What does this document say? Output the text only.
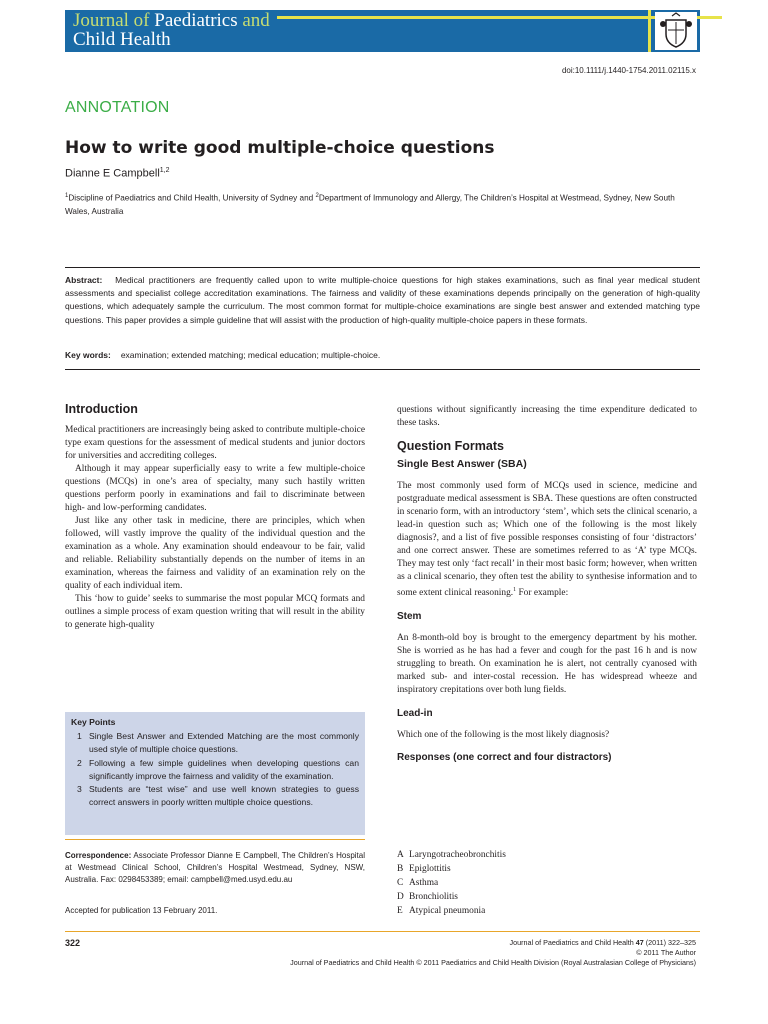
Journal of Paediatrics and
Child Health
doi:10.1111/j.1440-1754.2011.02115.x
ANNOTATION
How to write good multiple-choice questions
Dianne E Campbell$^{1,2}$
$^1$Discipline of Paediatrics and Child Health, University of Sydney and $^2$Department of Immunology and Allergy, The Children’s Hospital at Westmead, Sydney, New South Wales, Australia
Abstract: Medical practitioners are frequently called upon to write multiple-choice questions for high stakes examinations, such as final year medical student assessments and specialist college accreditation examinations. The fairness and validity of these examinations depends principally on the generation of high-quality questions, which adequately sample the curriculum. The most common format for multiple-choice examinations are single best answer and extended matching type questions. This paper provides a simple guideline that will assist with the production of high-quality multiple-choice papers in these formats.
Key words: examination; extended matching; medical education; multiple-choice.
Introduction

Medical practitioners are increasingly being asked to contribute multiple-choice type exam questions for the assessment of medical students and junior doctors for universities and accrediting colleges.

Although it may appear superficially easy to write a few multiple-choice questions (MCQs) in one’s area of specialty, many such hastily written questions perform poorly in examinations and fail to discriminate between high- and low-performing candidates.

Just like any other task in medicine, there are principles, which when followed, will vastly improve the quality of the individual question and the examination as a whole. Any examination should endeavour to be fair, valid and reliable. Reliability substantially depends on the number of items in an examination, whereas the fairness and validity of an examination rely on the quality of each individual item.

This ‘how to guide’ seeks to summarise the most popular MCQ formats and outlines a simple process of exam question writing that will result in the ability to generate high-quality

Key Points
1 Single Best Answer and Extended Matching are the most commonly used style of multiple choice questions.
2 Following a few simple guidelines when developing questions can significantly improve the fairness and validity of the examination.
3 Students are “test wise” and use well known strategies to guess correct answers in poorly written multiple choice questions.
Correspondence: Associate Professor Dianne E Campbell, The Children’s Hospital at Westmead Clinical School, Children’s Hospital Westmead, Sydney, NSW, Australia. Fax: 0298453389; email: campbell@med.usyd.edu.au
Accepted for publication 13 February 2011.

questions without significantly increasing the time expenditure dedicated to these tasks.

Question Formats
Single Best Answer (SBA)

The most commonly used form of MCQs used in science, medicine and postgraduate medical assessment is SBA. These questions are often constructed in scenario form, with an introductory ‘stem’, which sets the clinical scenario, a lead-in question such as; Which one of the following is the most likely diagnosis?, and a list of five possible responses consisting of four ‘distractors’ and one correct answer. These are sometimes referred to as ‘A’ type MCQs. They may test only ‘fact recall’ in their most basic form; however, when written as a clinical scenario, they often test the ability to synthesise information and to some extent clinical reasoning.$^1$ For example:

Stem

An 8-month-old boy is brought to the emergency department by his mother. She is worried as he has had a fever and cough for the past 16 h and is now struggling to breath. On examination he is alert, not centrally cyanosed with marked sub- and inter-costal recession. He has widespread wheeze and inspiratory crepitations over both lung fields.

Lead-in

Which one of the following is the most likely diagnosis?

Responses (one correct and four distractors)
A Laryngotracheobronchitis
B Epiglottitis
C Asthma
D Bronchiolitis
E Atypical pneumonia
322	Journal of Paediatrics and Child Health 47 (2011) 322–325
© 2011 The Author
Journal of Paediatrics and Child Health © 2011 Paediatrics and Child Health Division (Royal Australasian College of Physicians)
